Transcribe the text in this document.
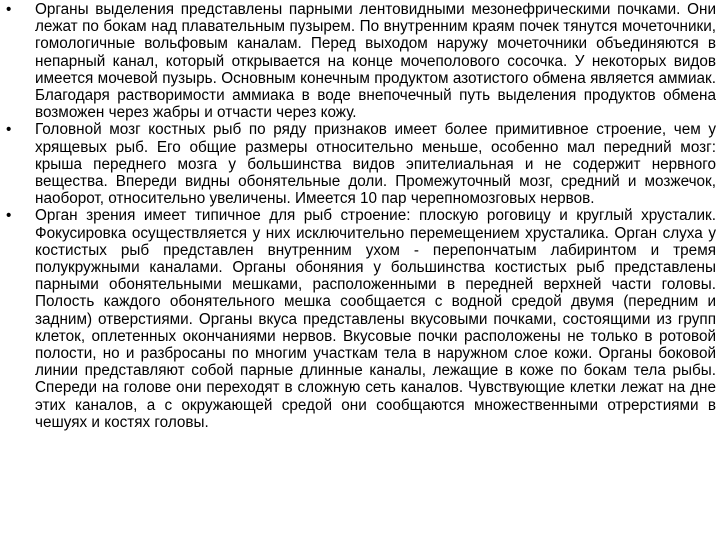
•	Органы выделения представлены парными лентовидными мезонефрическими почками. Они лежат по бокам над плавательным пузырем. По внутренним краям почек тянутся мочеточники, гомологичные вольфовым каналам. Перед выходом наружу мочеточники объединяются в непарный канал, который открывается на конце мочеполового сосочка. У некоторых видов имеется мочевой пузырь. Основным конечным продуктом азотистого обмена является аммиак. Благодаря растворимости аммиака в воде внепочечный путь выделения продуктов обмена возможен через жабры и отчасти через кожу.
•	Головной мозг костных рыб по ряду признаков имеет более примитивное строение, чем у хрящевых рыб. Его общие размеры относительно меньше, особенно мал передний мозг: крыша переднего мозга у большинства видов эпителиальная и не содержит нервного вещества. Впереди видны обонятельные доли. Промежуточный мозг, средний и мозжечок, наоборот, относительно увеличены. Имеется 10 пар черепномозговых нервов.
•	Орган зрения имеет типичное для рыб строение: плоскую роговицу и круглый хрусталик. Фокусировка осуществляется у них исключительно перемещением хрусталика. Орган слуха у костистых рыб представлен внутренним ухом - перепончатым лабиринтом и тремя полукружными каналами. Органы обоняния у большинства костистых рыб представлены парными обонятельными мешками, расположенными в передней верхней части головы. Полость каждого обонятельного мешка сообщается с водной средой двумя (передним и задним) отверстиями. Органы вкуса представлены вкусовыми почками, состоящими из групп клеток, оплетенных окончаниями нервов. Вкусовые почки расположены не только в ротовой полости, но и разбросаны по многим участкам тела в наружном слое кожи. Органы боковой линии представляют собой парные длинные каналы, лежащие в коже по бокам тела рыбы. Спереди на голове они переходят в сложную сеть каналов. Чувствующие клетки лежат на дне этих каналов, а с окружающей средой они сообщаются множественными отрерстиями в чешуях и костях головы.
